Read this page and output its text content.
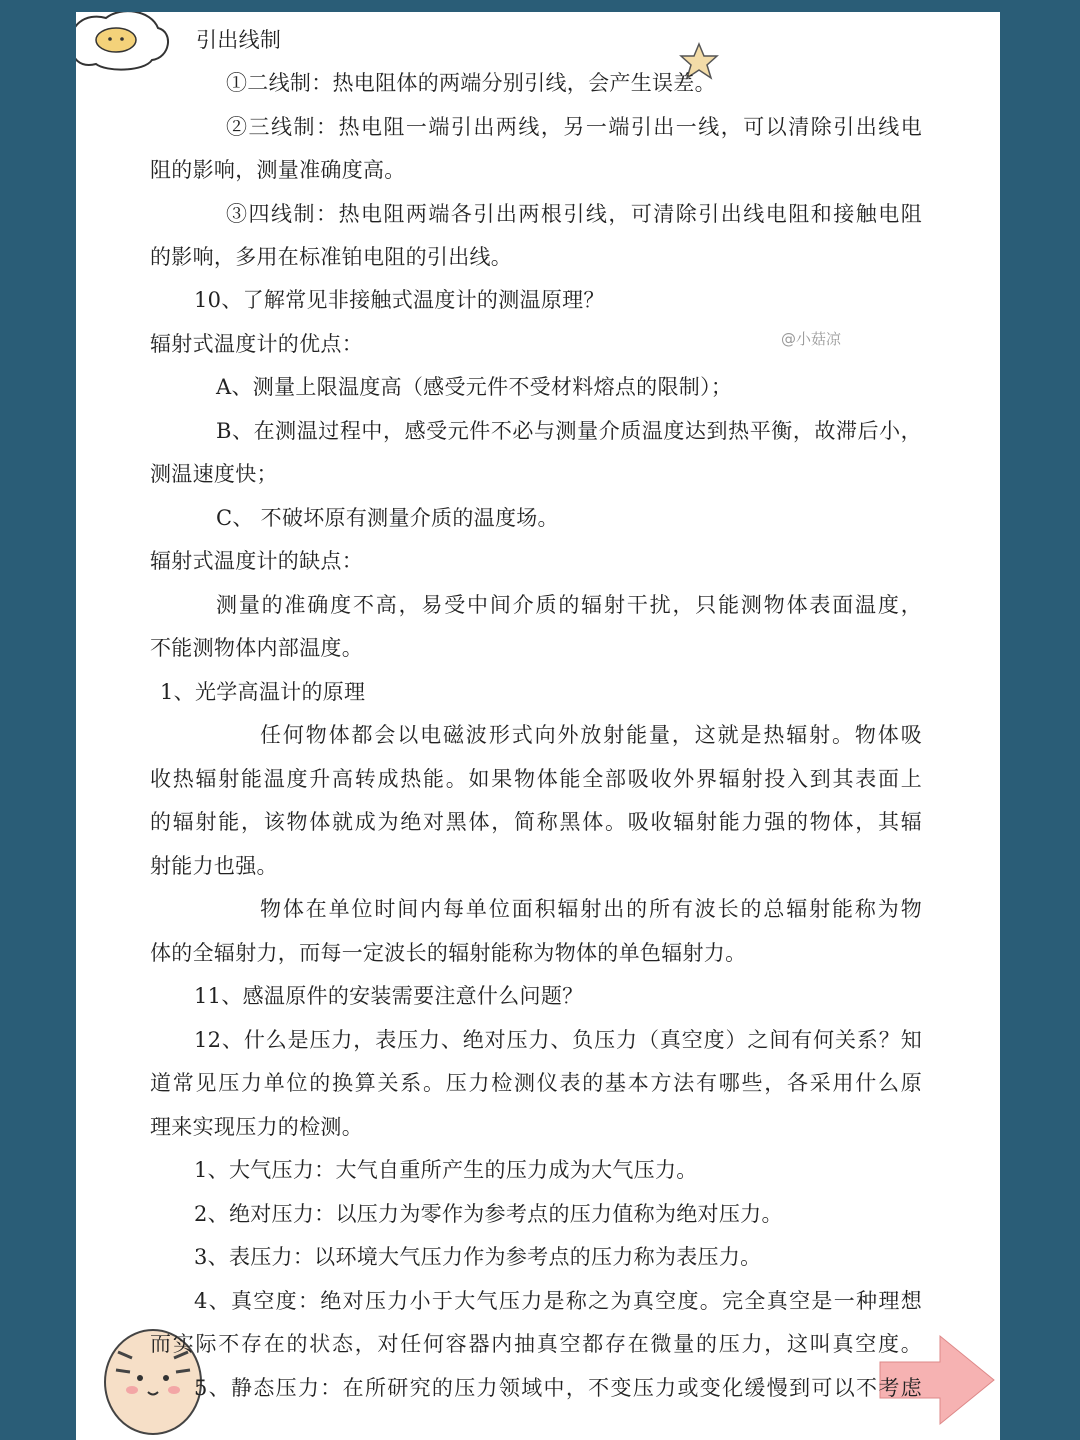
@小菇凉
引出线制
①二线制：热电阻体的两端分别引线，会产生误差。
②三线制：热电阻一端引出两线，另一端引出一线，可以清除引出线电
阻的影响，测量准确度高。
③四线制：热电阻两端各引出两根引线，可清除引出线电阻和接触电阻
的影响，多用在标准铂电阻的引出线。
10、了解常见非接触式温度计的测温原理？
辐射式温度计的优点：
A、测量上限温度高（感受元件不受材料熔点的限制）；
B、在测温过程中，感受元件不必与测量介质温度达到热平衡，故滞后小，
测温速度快；
C、 不破坏原有测量介质的温度场。
辐射式温度计的缺点：
测量的准确度不高，易受中间介质的辐射干扰，只能测物体表面温度，
不能测物体内部温度。
1、光学高温计的原理
任何物体都会以电磁波形式向外放射能量，这就是热辐射。物体吸
收热辐射能温度升高转成热能。如果物体能全部吸收外界辐射投入到其表面上
的辐射能，该物体就成为绝对黑体，简称黑体。吸收辐射能力强的物体，其辐
射能力也强。
物体在单位时间内每单位面积辐射出的所有波长的总辐射能称为物
体的全辐射力，而每一定波长的辐射能称为物体的单色辐射力。
11、感温原件的安装需要注意什么问题？
12、什么是压力，表压力、绝对压力、负压力（真空度）之间有何关系？知
道常见压力单位的换算关系。压力检测仪表的基本方法有哪些，各采用什么原
理来实现压力的检测。
1、大气压力：大气自重所产生的压力成为大气压力。
2、绝对压力：以压力为零作为参考点的压力值称为绝对压力。
3、表压力：以环境大气压力作为参考点的压力称为表压力。
4、真空度：绝对压力小于大气压力是称之为真空度。完全真空是一种理想
而实际不存在的状态，对任何容器内抽真空都存在微量的压力，这叫真空度。
5、静态压力：在所研究的压力领域中，不变压力或变化缓慢到可以不考虑
